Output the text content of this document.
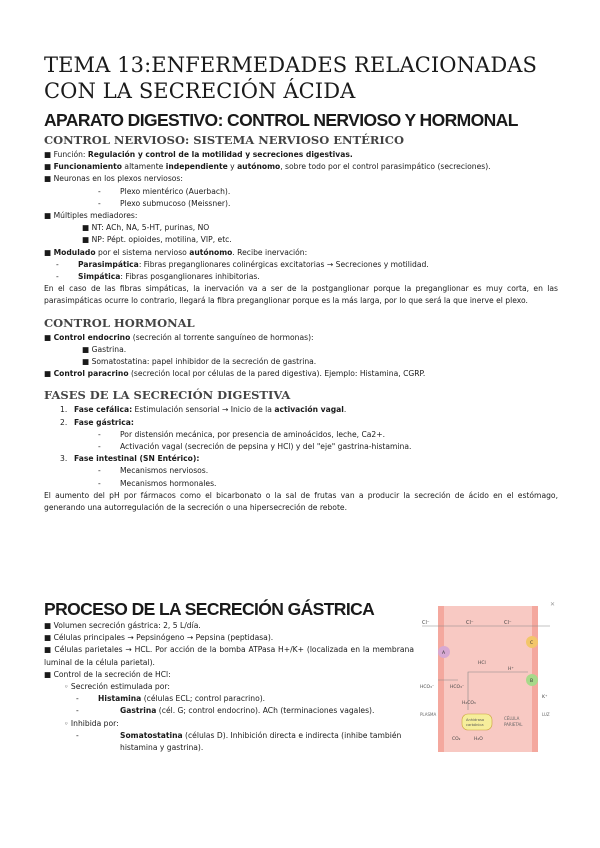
TEMA 13:ENFERMEDADES RELACIONADAS
CON LA SECRECIÓN ÁCIDA
APARATO DIGESTIVO: CONTROL NERVIOSO Y HORMONAL
CONTROL NERVIOSO: SISTEMA NERVIOSO ENTÉRICO

■ Función: Regulación y control de la motilidad y secreciones digestivas.

■ Funcionamiento altamente independiente y autónomo, sobre todo por el control parasimpático (secreciones).

■ Neuronas en los plexos nerviosos:

-	Plexo mientérico (Auerbach).

-	Plexo submucoso (Meissner).

■ Múltiples mediadores:

■ NT: ACh, NA, 5-HT, purinas, NO

■ NP: Pépt. opioides, motilina, VIP, etc.

■ Modulado por el sistema nervioso autónomo. Recibe inervación:

-	Parasimpática: Fibras preganglionares colinérgicas excitatorias → Secreciones y motilidad.

-	Simpática: Fibras posganglionares inhibitorias.

En el caso de las fibras simpáticas, la inervación va a ser de la postganglionar porque la preganglionar es muy corta, en las parasimpáticas ocurre lo contrario, llegará la fibra preganglionar porque es la más larga, por lo que será la que inerve el plexo.

CONTROL HORMONAL

■ Control endocrino (secreción al torrente sanguíneo de hormonas):

■ Gastrina.

■ Somatostatina: papel inhibidor de la secreción de gastrina.

■ Control paracrino (secreción local por células de la pared digestiva). Ejemplo: Histamina, CGRP.

FASES DE LA SECRECIÓN DIGESTIVA

1. Fase cefálica: Estimulación sensorial → Inicio de la activación vagal.

2. Fase gástrica:

-	Por distensión mecánica, por presencia de aminoácidos, leche, Ca2+.

-	Activación vagal (secreción de pepsina y HCl) y del "eje" gastrina-histamina.

3. Fase intestinal (SN Entérico):

-	Mecanismos nerviosos.

-	Mecanismos hormonales.

El aumento del pH por fármacos como el bicarbonato o la sal de frutas van a producir la secreción de ácido en el estómago, generando una autorregulación de la secreción o una hipersecreción de rebote.

PROCESO DE LA SECRECIÓN GÁSTRICA

■ Volumen secreción gástrica: 2, 5 L/día.

■ Células principales → Pepsinógeno → Pepsina (peptidasa).

■ Células parietales → HCL. Por acción de la bomba ATPasa H+/K+ (localizada en la membrana luminal de la célula parietal).

■ Control de la secreción de HCl:

◦ Secreción estimulada por:

-	Histamina (células ECL; control paracrino).

-	Gastrina (cél. G; control endocrino). ACh (terminaciones vagales).

◦ Inhibida por:

-	Somatostatina (células D). Inhibición directa e indirecta (inhibe también histamina y gastrina).

Cl⁻	Cl⁻	Cl⁻
A
B
C
H⁺
K⁺
HCO₃⁻	HCO₃⁻
H₂CO₃
HCl
CO₂	H₂O
Anhidrasa
carbónica
PLASMA
CÉLULA
PARIETAL
LUZ
✕
